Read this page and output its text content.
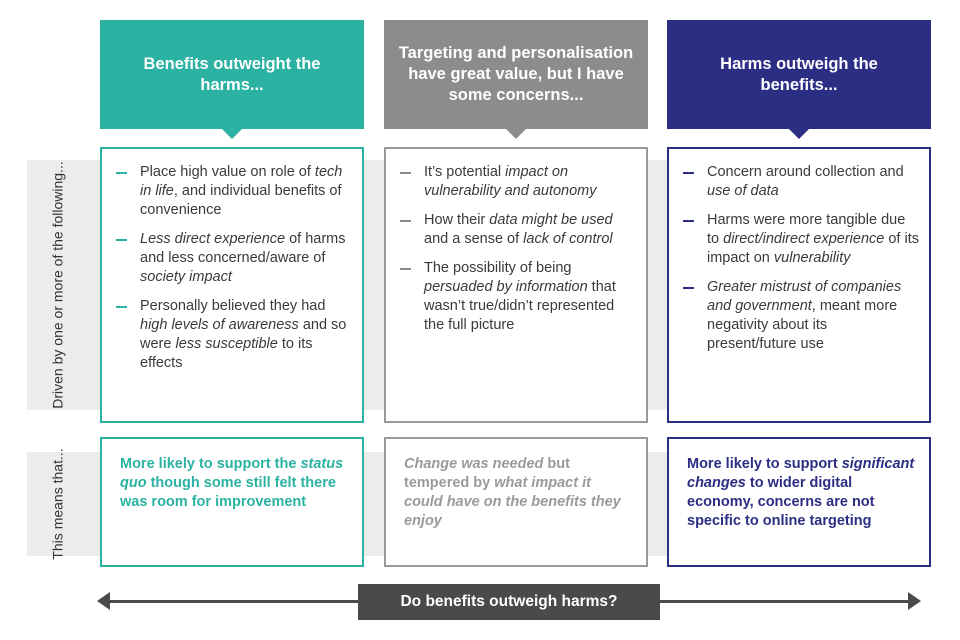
Driven by one or more of the following...
This means that...
Benefits outweight the harms...
Targeting and personalisation have great value, but I have some concerns...
Harms outweigh the benefits...
Place high value on role of tech in life, and individual benefits of convenience
Less direct experience of harms and less concerned/aware of society impact
Personally believed they had high levels of awareness and so were less susceptible to its effects
It’s potential impact on vulnerability and autonomy
How their data might be used and a sense of lack of control
The possibility of being persuaded by information that wasn’t true/didn’t represented the full picture
Concern around collection and use of data
Harms were more tangible due to direct/indirect experience of its impact on vulnerability
Greater mistrust of companies and government, meant more negativity about its present/future use
More likely to support the status quo though some still felt there was room for improvement
Change was needed but tempered by what impact it could have on the benefits they enjoy
More likely to support significant changes to wider digital economy, concerns are not specific to online targeting
Do benefits outweigh harms?
